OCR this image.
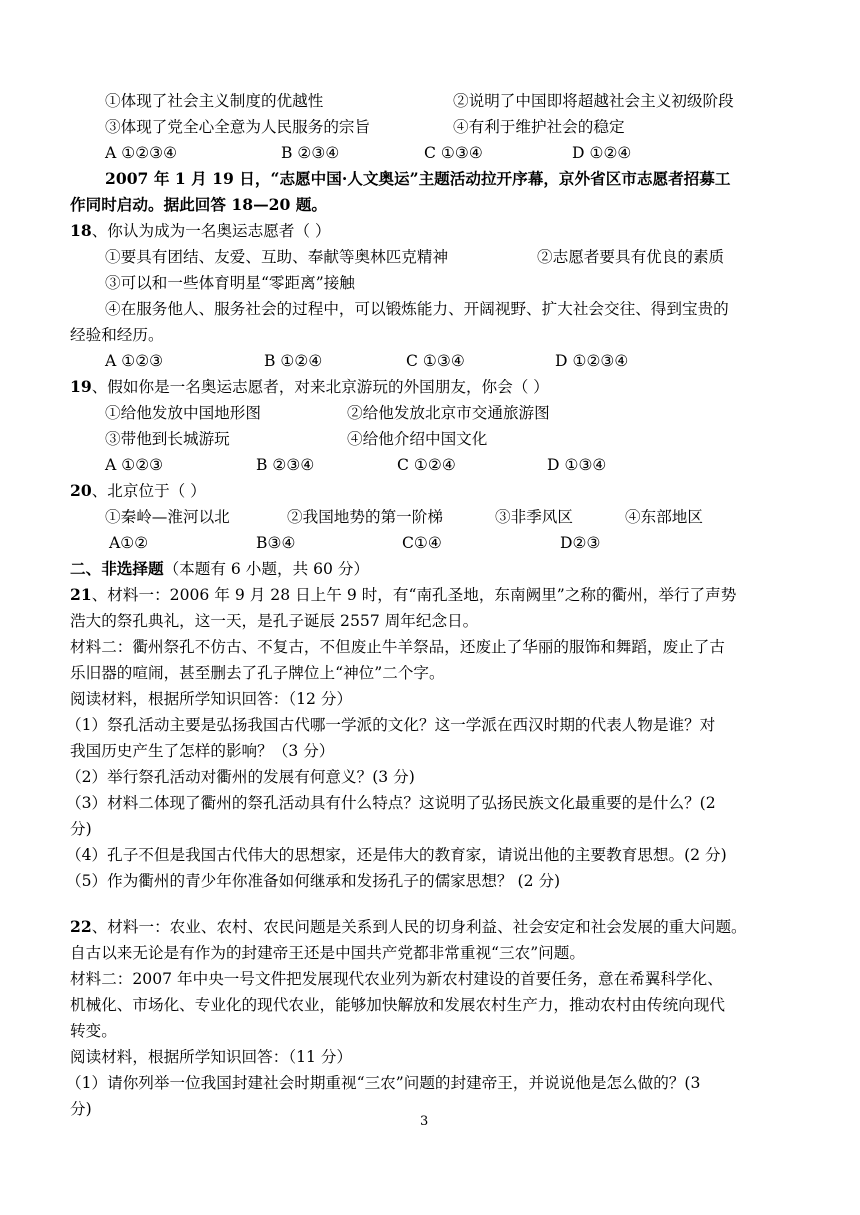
①体现了社会主义制度的优越性	②说明了中国即将超越社会主义初级阶段
③体现了党全心全意为人民服务的宗旨	④有利于维护社会的稳定
A ①②③④	B ②③④	C ①③④	D ①②④
2007 年 1 月 19 日，“志愿中国·人文奥运”主题活动拉开序幕，京外省区市志愿者招募工
作同时启动。据此回答 18—20 题。
18、你认为成为一名奥运志愿者（ ）
①要具有团结、友爱、互助、奉献等奥林匹克精神	②志愿者要具有优良的素质
③可以和一些体育明星“零距离”接触
④在服务他人、服务社会的过程中，可以锻炼能力、开阔视野、扩大社会交往、得到宝贵的
经验和经历。
A ①②③	B ①②④	C ①③④	D ①②③④
19、假如你是一名奥运志愿者，对来北京游玩的外国朋友，你会（ ）
①给他发放中国地形图	②给他发放北京市交通旅游图
③带他到长城游玩	④给他介绍中国文化
A ①②③	B ②③④	C ①②④	D ①③④
20、北京位于（ ）
①秦岭—淮河以北	②我国地势的第一阶梯	③非季风区	④东部地区
A①②	B③④	C①④	D②③
二、非选择题（本题有 6 小题，共 60 分）
21、材料一：2006 年 9 月 28 日上午 9 时，有“南孔圣地，东南阙里”之称的衢州，举行了声势
浩大的祭孔典礼，这一天，是孔子诞辰 2557 周年纪念日。
材料二：衢州祭孔不仿古、不复古，不但废止牛羊祭品，还废止了华丽的服饰和舞蹈，废止了古
乐旧器的喧闹，甚至删去了孔子牌位上“神位”二个字。
阅读材料，根据所学知识回答：（12 分）
（1）祭孔活动主要是弘扬我国古代哪一学派的文化？这一学派在西汉时期的代表人物是谁？对
我国历史产生了怎样的影响？（3 分）
（2）举行祭孔活动对衢州的发展有何意义？(3 分)
（3）材料二体现了衢州的祭孔活动具有什么特点？这说明了弘扬民族文化最重要的是什么？(2
分)
（4）孔子不但是我国古代伟大的思想家，还是伟大的教育家，请说出他的主要教育思想。(2 分)
（5）作为衢州的青少年你准备如何继承和发扬孔子的儒家思想？ (2 分)
22、材料一：农业、农村、农民问题是关系到人民的切身利益、社会安定和社会发展的重大问题。
自古以来无论是有作为的封建帝王还是中国共产党都非常重视“三农”问题。
材料二：2007 年中央一号文件把发展现代农业列为新农村建设的首要任务，意在希翼科学化、
机械化、市场化、专业化的现代农业，能够加快解放和发展农村生产力，推动农村由传统向现代
转变。
阅读材料，根据所学知识回答：（11 分）
（1）请你列举一位我国封建社会时期重视“三农”问题的封建帝王，并说说他是怎么做的？(3
分)
3
